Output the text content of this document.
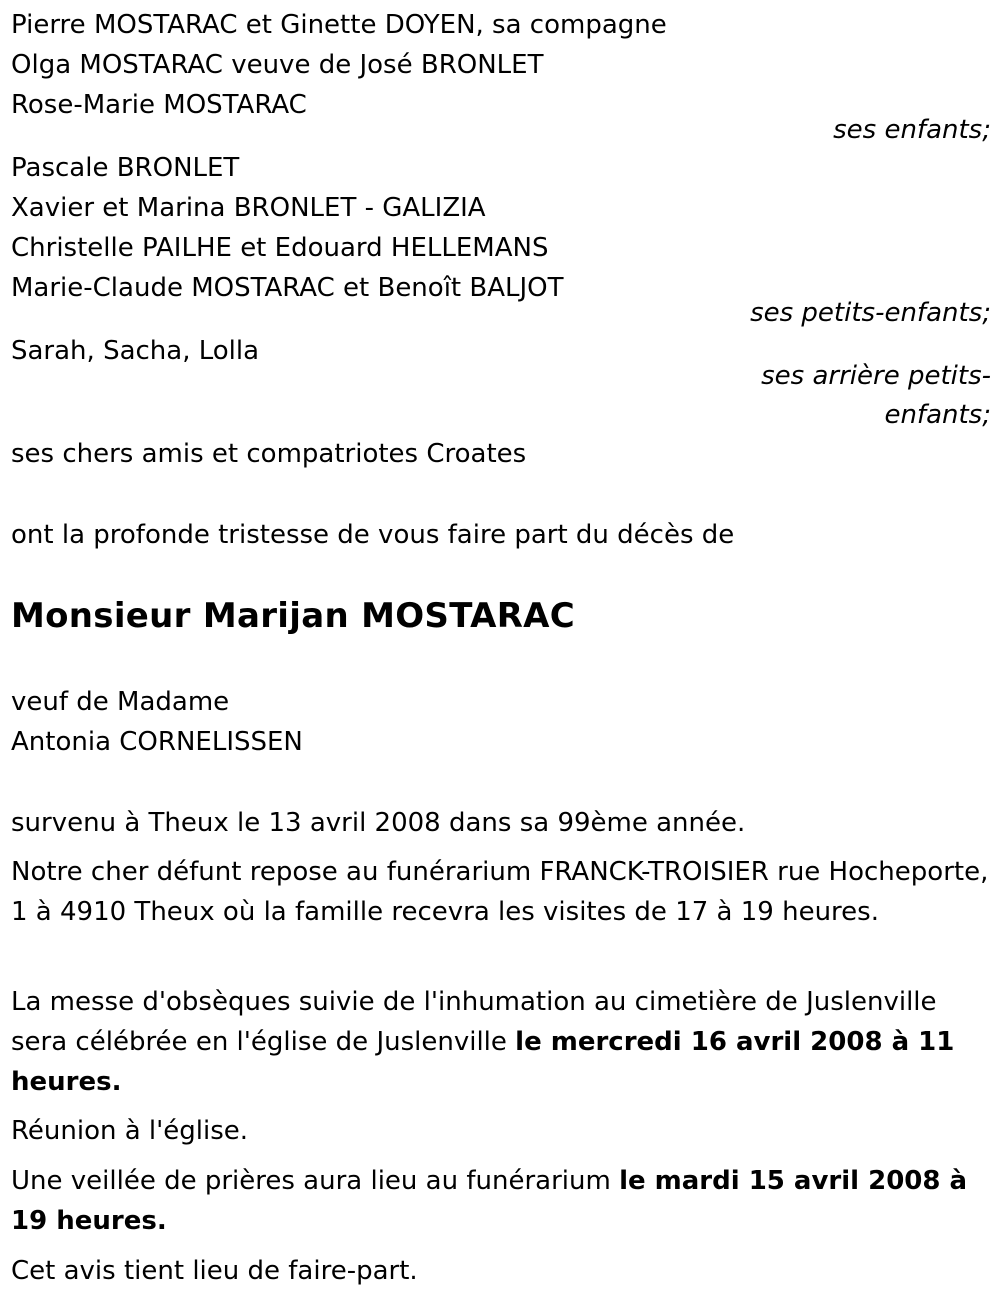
Pierre MOSTARAC et Ginette DOYEN, sa compagne
Olga MOSTARAC veuve de José BRONLET
Rose-Marie MOSTARAC
ses enfants;
Pascale BRONLET
Xavier et Marina BRONLET - GALIZIA
Christelle PAILHE et Edouard HELLEMANS
Marie-Claude MOSTARAC et Benoît BALJOT
ses petits-enfants;
Sarah, Sacha, Lolla
ses arrière petits-
enfants;
ses chers amis et compatriotes Croates
ont la profonde tristesse de vous faire part du décès de
Monsieur Marijan MOSTARAC
veuf de Madame
Antonia CORNELISSEN
survenu à Theux le 13 avril 2008 dans sa 99ème année.
Notre cher défunt repose au funérarium FRANCK-TROISIER rue Hocheporte, 1 à 4910 Theux où la famille recevra les visites de 17 à 19 heures.
La messe d'obsèques suivie de l'inhumation au cimetière de Juslenville sera célébrée en l'église de Juslenville le mercredi 16 avril 2008 à 11 heures.
Réunion à l'église.
Une veillée de prières aura lieu au funérarium le mardi 15 avril 2008 à 19 heures.
Cet avis tient lieu de faire-part.
